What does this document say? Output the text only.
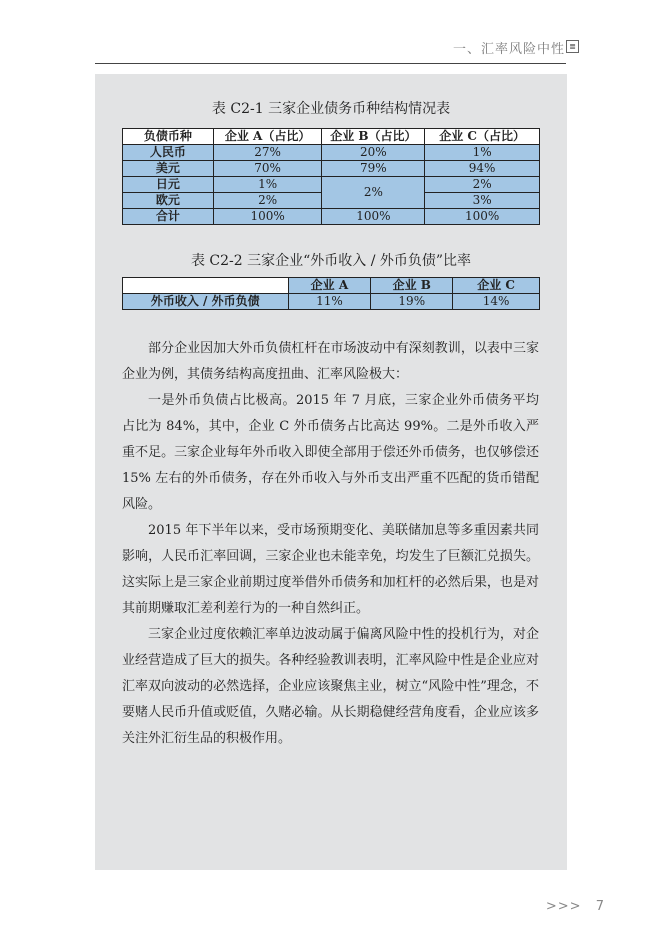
一、汇率风险中性 ≣
表 C2-1 三家企业债务币种结构情况表
负债币种	企业 A（占比）	企业 B（占比）	企业 C（占比）
人民币	27%	20%	1%
美元	70%	79%	94%
日元	1%	2%	2%
欧元	2%		3%
合计	100%	100%	100%
表 C2-2 三家企业“外币收入 / 外币负债”比率
	企业 A	企业 B	企业 C
外币收入 / 外币负债	11%	19%	14%

部分企业因加大外币负债杠杆在市场波动中有深刻教训，以表中三家企业为例，其债务结构高度扭曲、汇率风险极大：

一是外币负债占比极高。2015 年 7 月底，三家企业外币债务平均占比为 84%，其中，企业 C 外币债务占比高达 99%。二是外币收入严重不足。三家企业每年外币收入即使全部用于偿还外币债务，也仅够偿还 15% 左右的外币债务，存在外币收入与外币支出严重不匹配的货币错配风险。

2015 年下半年以来，受市场预期变化、美联储加息等多重因素共同影响，人民币汇率回调，三家企业也未能幸免，均发生了巨额汇兑损失。这实际上是三家企业前期过度举借外币债务和加杠杆的必然后果，也是对其前期赚取汇差利差行为的一种自然纠正。

三家企业过度依赖汇率单边波动属于偏离风险中性的投机行为，对企业经营造成了巨大的损失。各种经验教训表明，汇率风险中性是企业应对汇率双向波动的必然选择，企业应该聚焦主业，树立“风险中性”理念，不要赌人民币升值或贬值，久赌必输。从长期稳健经营角度看，企业应该多关注外汇衍生品的积极作用。

>>> 7
